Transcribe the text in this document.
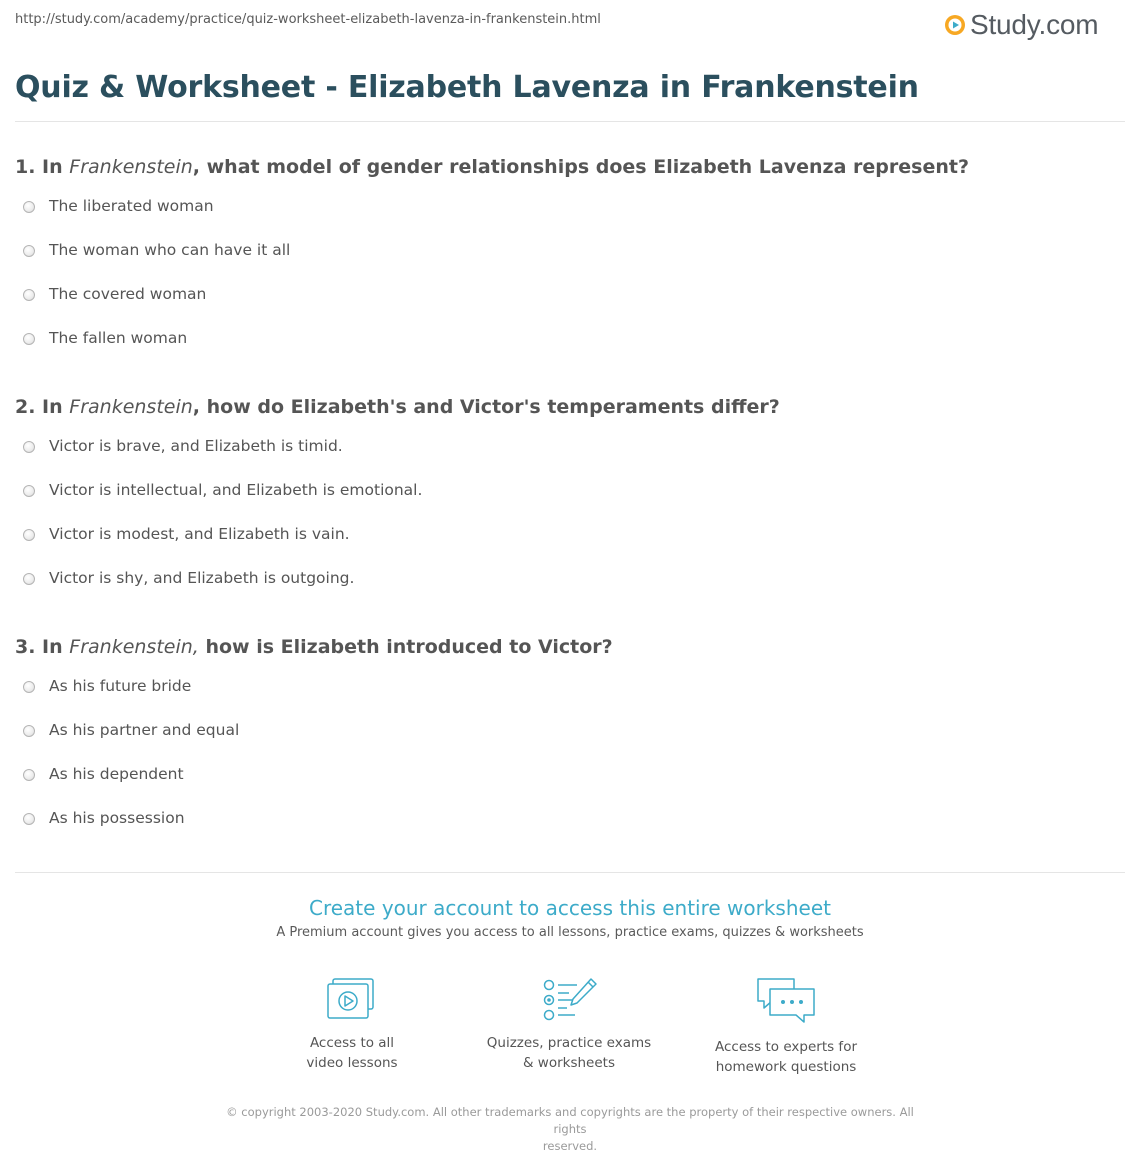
http://study.com/academy/practice/quiz-worksheet-elizabeth-lavenza-in-frankenstein.html	Study.com
Quiz & Worksheet - Elizabeth Lavenza in Frankenstein
1. In Frankenstein, what model of gender relationships does Elizabeth Lavenza represent?
The liberated woman
The woman who can have it all
The covered woman
The fallen woman
2. In Frankenstein, how do Elizabeth's and Victor's temperaments differ?
Victor is brave, and Elizabeth is timid.
Victor is intellectual, and Elizabeth is emotional.
Victor is modest, and Elizabeth is vain.
Victor is shy, and Elizabeth is outgoing.
3. In Frankenstein, how is Elizabeth introduced to Victor?
As his future bride
As his partner and equal
As his dependent
As his possession
Create your account to access this entire worksheet

A Premium account gives you access to all lessons, practice exams, quizzes & worksheets

Access to all
video lessons
Quizzes, practice exams
& worksheets
Access to experts for
homework questions
© copyright 2003-2020 Study.com. All other trademarks and copyrights are the property of their respective owners. All rights
reserved.
